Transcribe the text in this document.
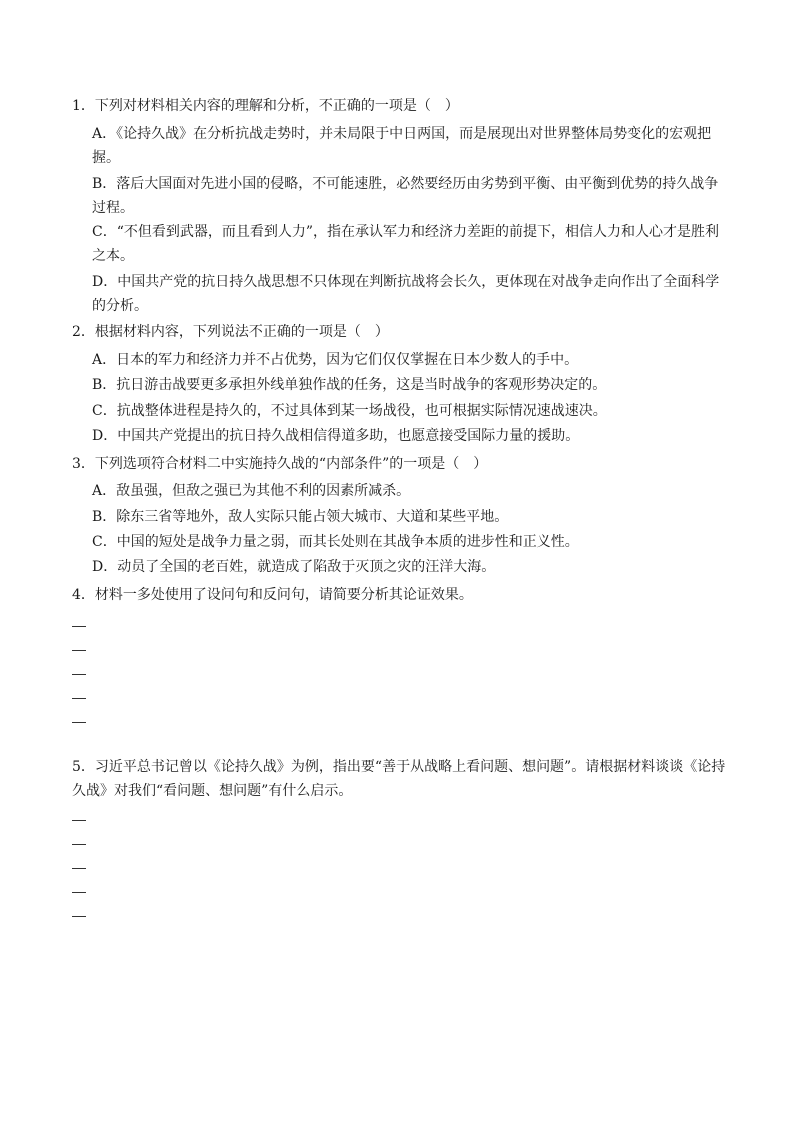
1．下列对材料相关内容的理解和分析，不正确的一项是（　）
A．《论持久战》在分析抗战走势时，并未局限于中日两国，而是展现出对世界整体局势变化的宏观把握。
B．落后大国面对先进小国的侵略，不可能速胜，必然要经历由劣势到平衡、由平衡到优势的持久战争过程。
C．“不但看到武器，而且看到人力”，指在承认军力和经济力差距的前提下，相信人力和人心才是胜利之本。
D．中国共产党的抗日持久战思想不只体现在判断抗战将会长久，更体现在对战争走向作出了全面科学的分析。
2．根据材料内容，下列说法不正确的一项是（　）
A．日本的军力和经济力并不占优势，因为它们仅仅掌握在日本少数人的手中。
B．抗日游击战要更多承担外线单独作战的任务，这是当时战争的客观形势决定的。
C．抗战整体进程是持久的，不过具体到某一场战役，也可根据实际情况速战速决。
D．中国共产党提出的抗日持久战相信得道多助，也愿意接受国际力量的援助。
3．下列选项符合材料二中实施持久战的“内部条件”的一项是（　）
A．敌虽强，但敌之强已为其他不利的因素所减杀。
B．除东三省等地外，敌人实际只能占领大城市、大道和某些平地。
C．中国的短处是战争力量之弱，而其长处则在其战争本质的进步性和正义性。
D．动员了全国的老百姓，就造成了陷敌于灭顶之灾的汪洋大海。
4．材料一多处使用了设问句和反问句，请简要分析其论证效果。
5．习近平总书记曾以《论持久战》为例，指出要“善于从战略上看问题、想问题”。请根据材料谈谈《论持久战》对我们“看问题、想问题”有什么启示。
